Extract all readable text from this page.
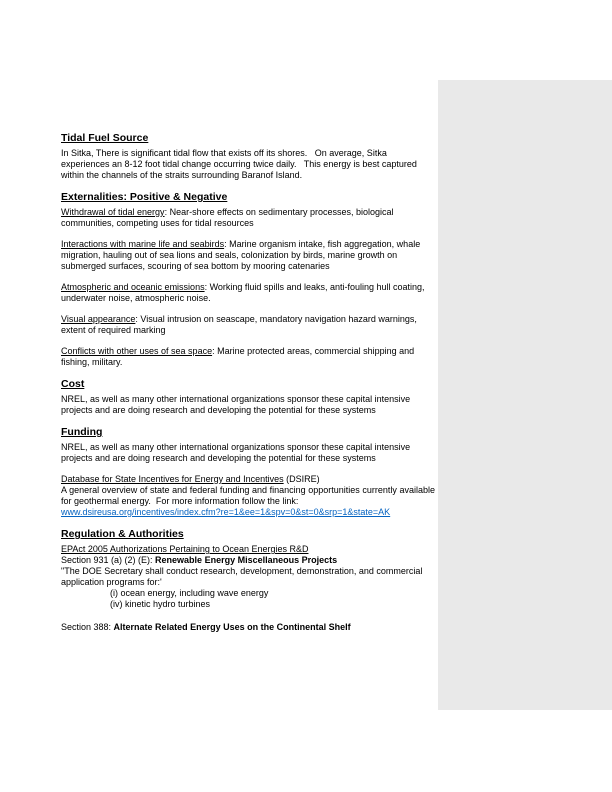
Tidal Fuel Source
In Sitka, There is significant tidal flow that exists off its shores.   On average, Sitka experiences an 8-12 foot tidal change occurring twice daily.   This energy is best captured within the channels of the straits surrounding Baranof Island.
Externalities: Positive & Negative
Withdrawal of tidal energy: Near-shore effects on sedimentary processes, biological communities, competing uses for tidal resources
Interactions with marine life and seabirds: Marine organism intake, fish aggregation, whale migration, hauling out of sea lions and seals, colonization by birds, marine growth on submerged surfaces, scouring of sea bottom by mooring catenaries
Atmospheric and oceanic emissions: Working fluid spills and leaks, anti-fouling hull coating, underwater noise, atmospheric noise.
Visual appearance: Visual intrusion on seascape, mandatory navigation hazard warnings, extent of required marking
Conflicts with other uses of sea space: Marine protected areas, commercial shipping and fishing, military.
Cost
NREL, as well as many other international organizations sponsor these capital intensive projects and are doing research and developing the potential for these systems
Funding
NREL, as well as many other international organizations sponsor these capital intensive projects and are doing research and developing the potential for these systems
Database for State Incentives for Energy and Incentives (DSIRE)
A general overview of state and federal funding and financing opportunities currently available for geothermal energy.  For more information follow the link:
www.dsireusa.org/incentives/index.cfm?re=1&ee=1&spv=0&st=0&srp=1&state=AK
Regulation & Authorities
EPAct 2005 Authorizations Pertaining to Ocean Energies R&D
Section 931 (a) (2) (E): Renewable Energy Miscellaneous Projects
"The DOE Secretary shall conduct research, development, demonstration, and commercial application programs for:'
(i) ocean energy, including wave energy
(iv) kinetic hydro turbines
Section 388: Alternate Related Energy Uses on the Continental Shelf
